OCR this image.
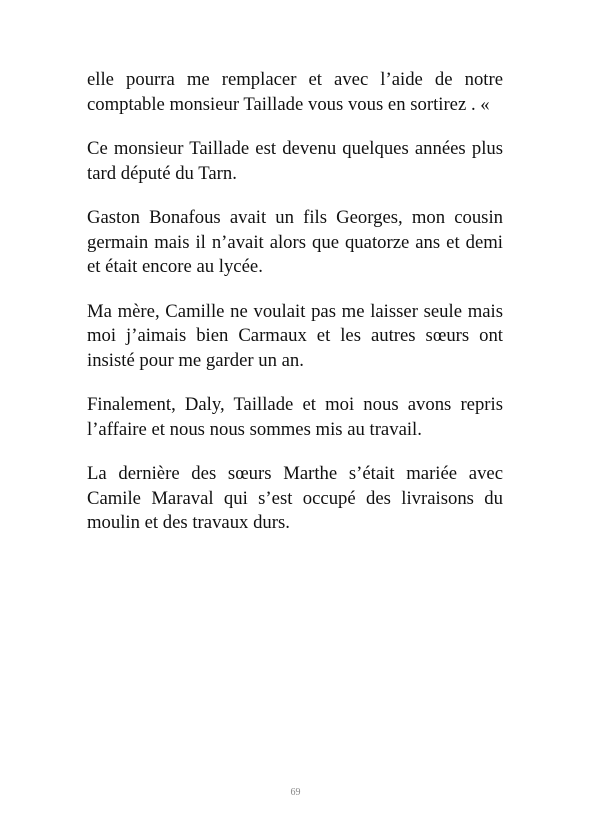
elle pourra me remplacer et avec l’aide de notre comptable monsieur Taillade vous vous en sortirez . «

Ce monsieur Taillade est devenu quelques années plus tard député du Tarn.

Gaston Bonafous avait un fils Georges, mon cousin germain mais il n’avait alors que quatorze ans et demi et était encore au lycée.

Ma mère, Camille ne voulait pas me laisser seule mais moi j’aimais bien Carmaux et les autres sœurs ont insisté pour me garder un an.

Finalement, Daly, Taillade et moi nous avons repris l’affaire et nous nous sommes mis au travail.

La dernière des sœurs Marthe s’était mariée avec Camile Maraval qui s’est occupé des livraisons du moulin et des travaux durs.

69
